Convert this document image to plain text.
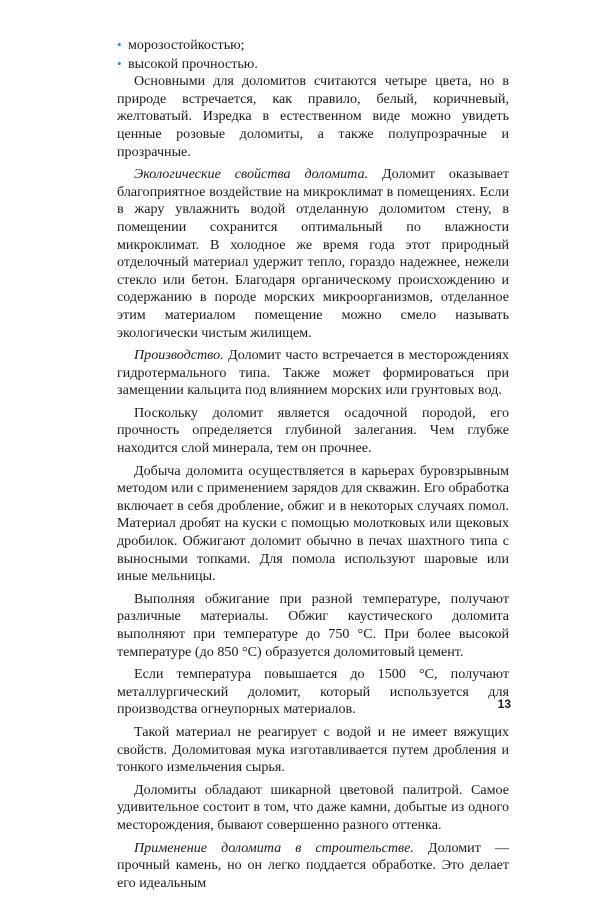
• морозостойкостью;

• высокой прочностью.

Основными для доломитов считаются четыре цвета, но в природе встречается, как правило, белый, коричневый, желтоватый. Изредка в естественном виде можно увидеть ценные розовые доломиты, а также полупрозрачные и прозрачные.

Экологические свойства доломита. Доломит оказывает благоприятное воздействие на микроклимат в помещениях. Если в жару увлажнить водой отделанную доломитом стену, в помещении сохранится оптимальный по влажности микроклимат. В холодное же время года этот природный отделочный материал удержит тепло, гораздо надежнее, нежели стекло или бетон. Благодаря органическому происхождению и содержанию в породе морских микроорганизмов, отделанное этим материалом помещение можно смело называть экологически чистым жилищем.

Производство. Доломит часто встречается в месторождениях гидротермального типа. Также может формироваться при замещении кальцита под влиянием морских или грунтовых вод.

Поскольку доломит является осадочной породой, его прочность определяется глубиной залегания. Чем глубже находится слой минерала, тем он прочнее.

Добыча доломита осуществляется в карьерах буровзрывным методом или с применением зарядов для скважин. Его обработка включает в себя дробление, обжиг и в некоторых случаях помол. Материал дробят на куски с помощью молотковых или щековых дробилок. Обжигают доломит обычно в печах шахтного типа с выносными топками. Для помола используют шаровые или иные мельницы.

Выполняя обжигание при разной температуре, получают различные материалы. Обжиг каустического доломита выполняют при температуре до 750 °С. При более высокой температуре (до 850 °С) образуется доломитовый цемент.

Если температура повышается до 1500 °С, получают металлургический доломит, который используется для производства огнеупорных материалов.

Такой материал не реагирует с водой и не имеет вяжущих свойств. Доломитовая мука изготавливается путем дробления и тонкого измельчения сырья.

Доломиты обладают шикарной цветовой палитрой. Самое удивительное состоит в том, что даже камни, добытые из одного месторождения, бывают совершенно разного оттенка.

Применение доломита в строительстве. Доломит — прочный камень, но он легко поддается обработке. Это делает его идеальным

13
